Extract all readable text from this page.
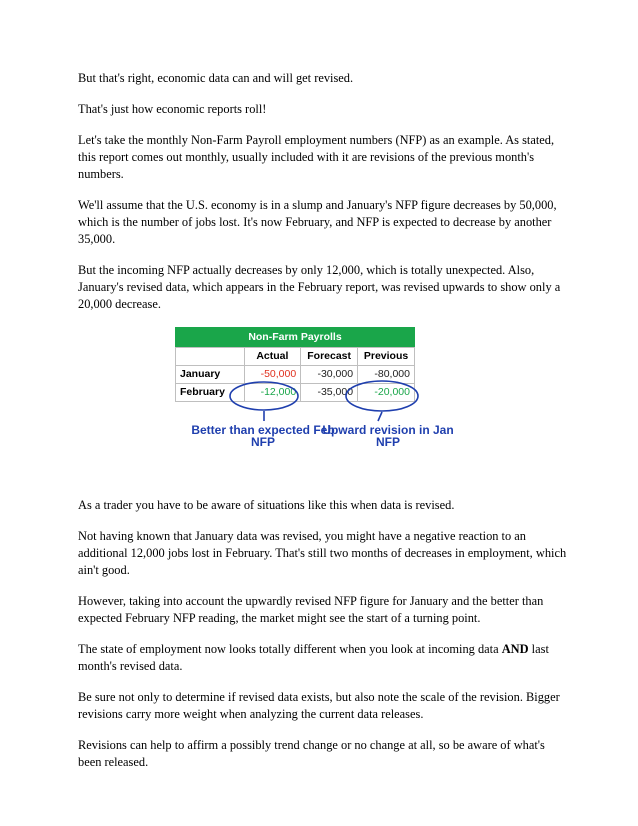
But that's right, economic data can and will get revised.

That's just how economic reports roll!

Let's take the monthly Non-Farm Payroll employment numbers (NFP) as an example. As stated, this report comes out monthly, usually included with it are revisions of the previous month's numbers.

We'll assume that the U.S. economy is in a slump and January's NFP figure decreases by 50,000, which is the number of jobs lost. It's now February, and NFP is expected to decrease by another 35,000.

But the incoming NFP actually decreases by only 12,000, which is totally unexpected. Also, January's revised data, which appears in the February report, was revised upwards to show only a 20,000 decrease.

Non-Farm Payrolls
	Actual	Forecast	Previous
January	-50,000	-30,000	-80,000
February	-12,000	-35,000	-20,000
Better than expected Feb NFP
Upward revision in Jan NFP

As a trader you have to be aware of situations like this when data is revised.

Not having known that January data was revised, you might have a negative reaction to an additional 12,000 jobs lost in February. That's still two months of decreases in employment, which ain't good.

However, taking into account the upwardly revised NFP figure for January and the better than expected February NFP reading, the market might see the start of a turning point.

The state of employment now looks totally different when you look at incoming data AND last month's revised data.

Be sure not only to determine if revised data exists, but also note the scale of the revision. Bigger revisions carry more weight when analyzing the current data releases.

Revisions can help to affirm a possibly trend change or no change at all, so be aware of what's been released.
